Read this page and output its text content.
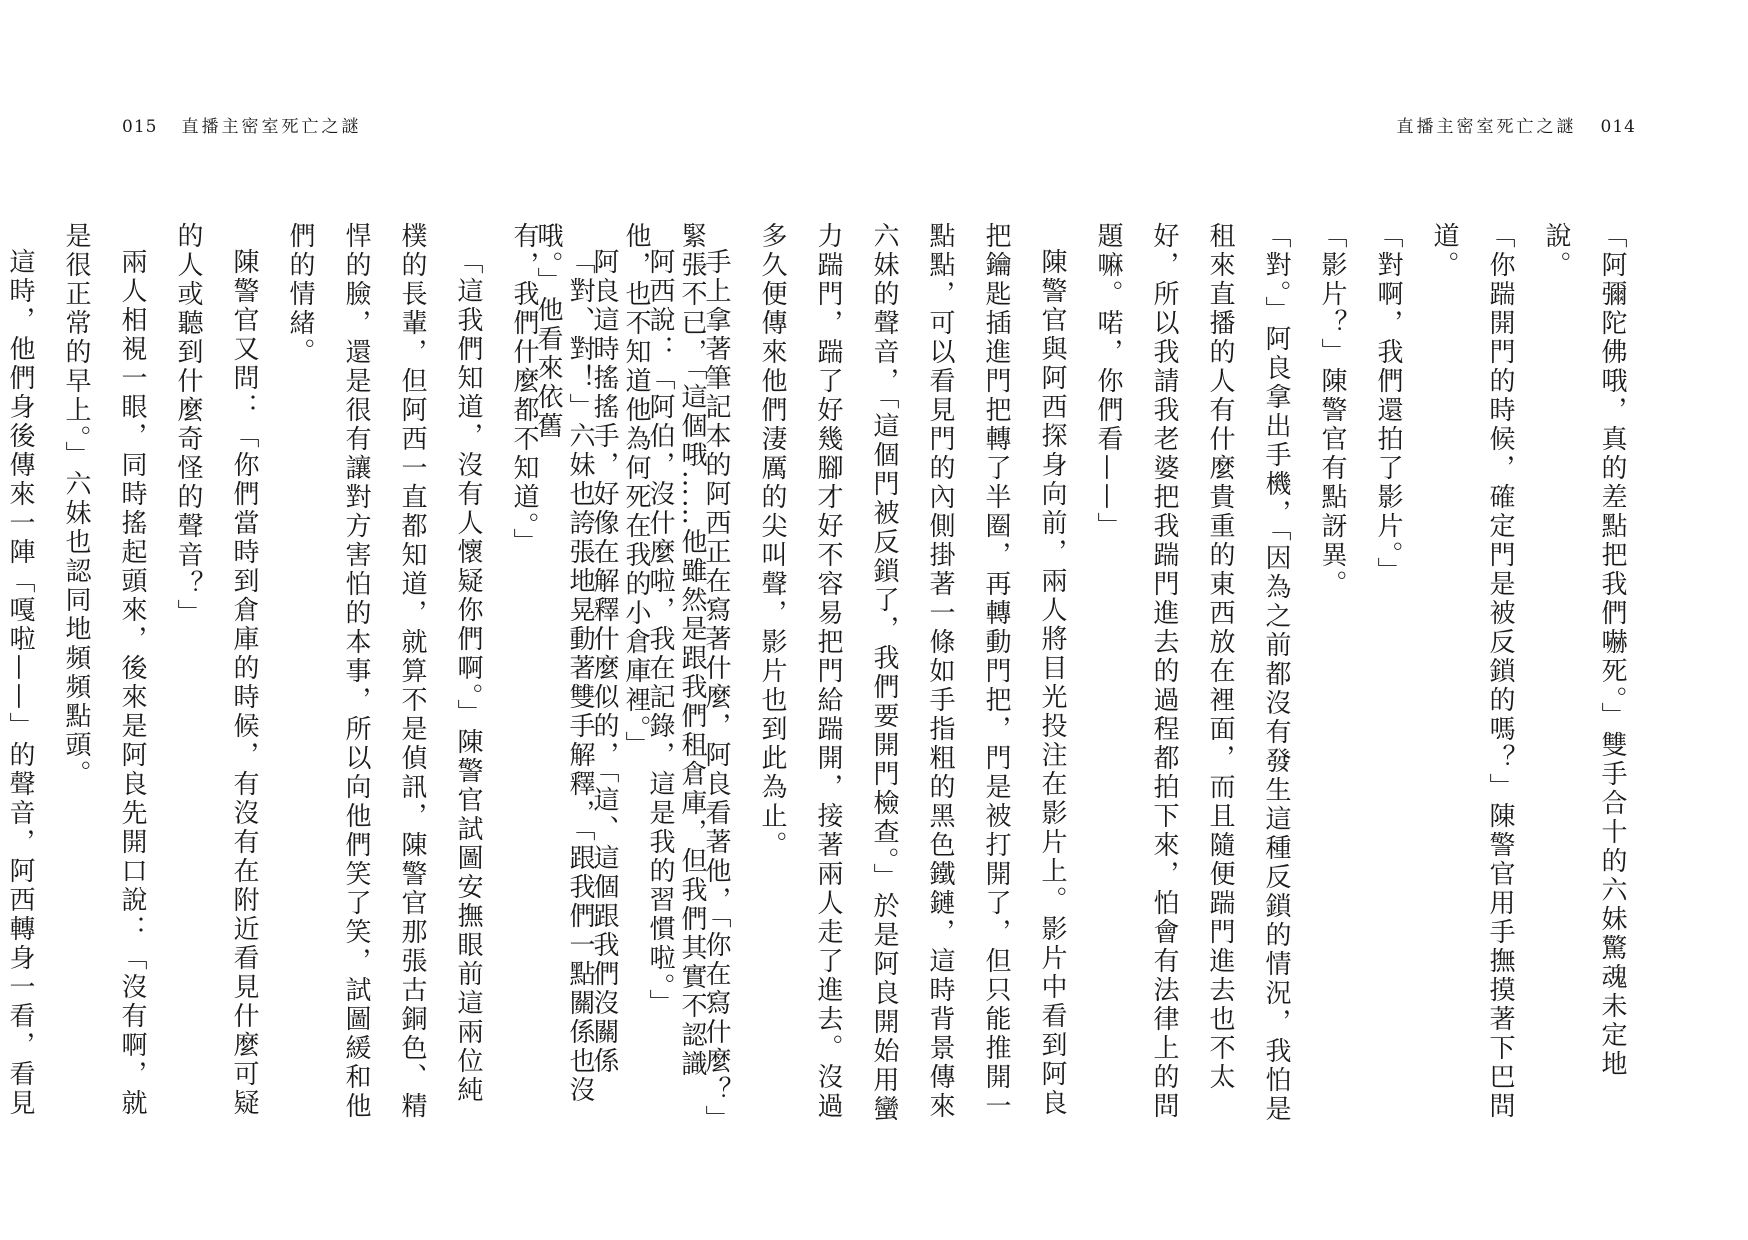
015 直播主密室死亡之謎	直播主密室死亡之謎 014

緊張不已，「這個哦……他雖然是跟我們租倉庫，但我們其實不認識他，也不知道他為何死在我的小倉庫裡。」

「對、對！」六妹也誇張地晃動著雙手解釋，「跟我們一點關係也沒有，我們什麼都不知道。」

「這我們知道，沒有人懷疑你們啊。」陳警官試圖安撫眼前這兩位純樸的長輩，但阿西一直都知道，就算不是偵訊，陳警官那張古銅色、精悍的臉，還是很有讓對方害怕的本事，所以向他們笑了笑，試圖緩和他們的情緒。

陳警官又問：「你們當時到倉庫的時候，有沒有在附近看見什麼可疑的人或聽到什麼奇怪的聲音？」

兩人相視一眼，同時搖起頭來，後來是阿良先開口說：「沒有啊，就是很正常的早上。」六妹也認同地頻頻點頭。

這時，他們身後傳來一陣「嘎啦——」的聲音，阿西轉身一看，看見

「阿彌陀佛哦，真的差點把我們嚇死。」雙手合十的六妹驚魂未定地說。

「你踹開門的時候，確定門是被反鎖的嗎？」陳警官用手撫摸著下巴問道。

「對啊，我們還拍了影片。」

「影片？」陳警官有點訝異。

「對。」阿良拿出手機，「因為之前都沒有發生這種反鎖的情況，我怕是租來直播的人有什麼貴重的東西放在裡面，而且隨便踹門進去也不太好，所以我請我老婆把我踹門進去的過程都拍下來，怕會有法律上的問題嘛。喏，你們看——」

陳警官與阿西探身向前，兩人將目光投注在影片上。影片中看到阿良把鑰匙插進門把轉了半圈，再轉動門把，門是被打開了，但只能推開一點點，可以看見門的內側掛著一條如手指粗的黑色鐵鏈，這時背景傳來六妹的聲音，「這個門被反鎖了，我們要開門檢查。」於是阿良開始用蠻力踹門，踹了好幾腳才好不容易把門給踹開，接著兩人走了進去。沒過多久便傳來他們淒厲的尖叫聲，影片也到此為止。

手上拿著筆記本的阿西正在寫著什麼，阿良看著他，「你在寫什麼？」

阿西說：「阿伯，沒什麼啦，我在記錄，這是我的習慣啦。」

阿良這時搖搖手，好像在解釋什麼似的，「這、這個跟我們沒關係哦。」他看來依舊
